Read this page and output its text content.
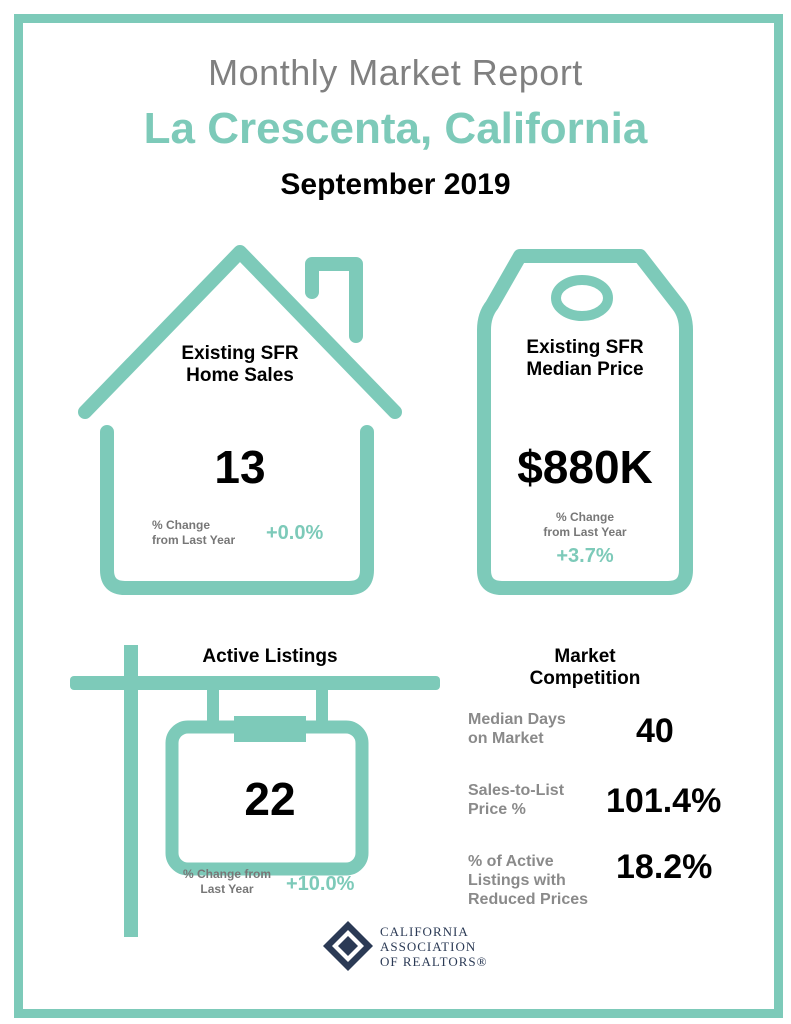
Monthly Market Report
La Crescenta, California
September 2019
Existing SFR
Home Sales
13
% Change
from Last Year +0.0%
Existing SFR
Median Price
$880K
% Change
from Last Year
+3.7%
Active Listings
22
% Change from
Last Year	+10.0%
Market
Competition
Median Days
on Market	40
Sales-to-List
Price %	101.4%
% of Active
Listings with
Reduced Prices
18.2%
CALIFORNIA
ASSOCIATION
OF REALTORS®
